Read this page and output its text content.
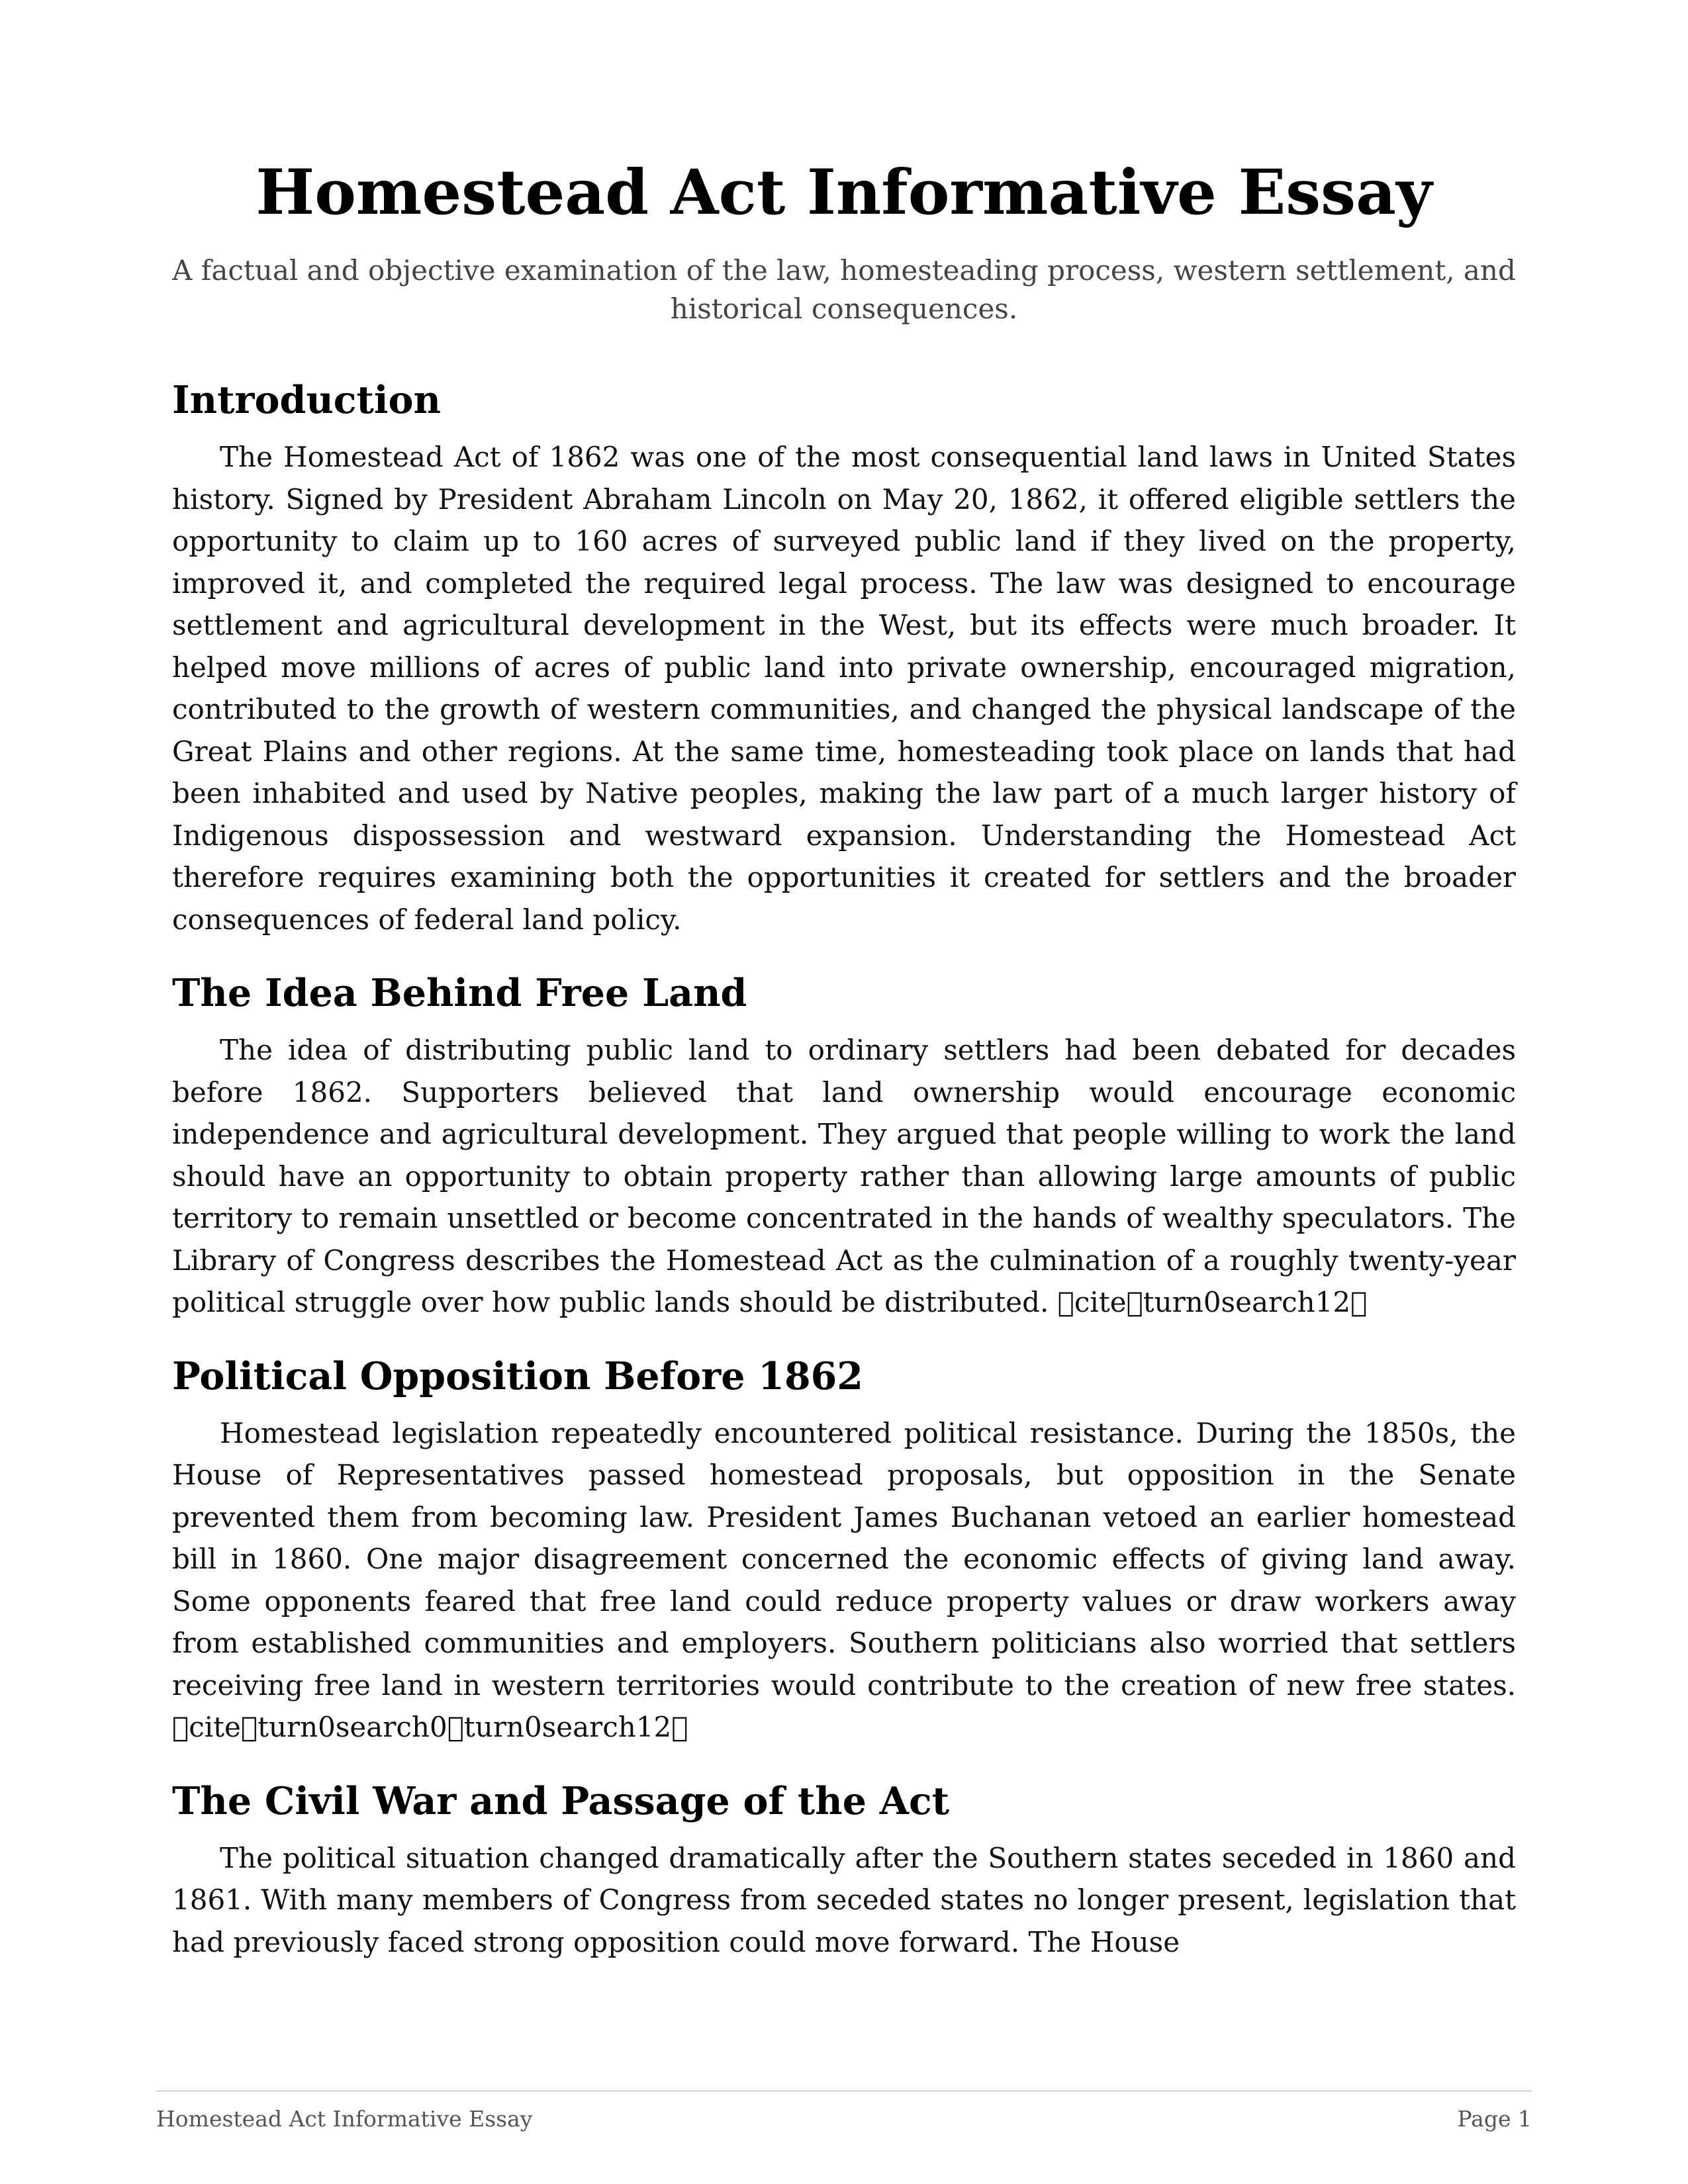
Homestead Act Informative Essay
A factual and objective examination of the law, homesteading process, western settlement, and historical consequences.
Introduction

The Homestead Act of 1862 was one of the most consequential land laws in United States history. Signed by President Abraham Lincoln on May 20, 1862, it offered eligible settlers the opportunity to claim up to 160 acres of surveyed public land if they lived on the property, improved it, and completed the required legal process. The law was designed to encourage settlement and agricultural development in the West, but its effects were much broader. It helped move millions of acres of public land into private ownership, encouraged migration, contributed to the growth of western communities, and changed the physical landscape of the Great Plains and other regions. At the same time, homesteading took place on lands that had been inhabited and used by Native peoples, making the law part of a much larger history of Indigenous dispossession and westward expansion. Understanding the Homestead Act therefore requires examining both the opportunities it created for settlers and the broader consequences of federal land policy.

The Idea Behind Free Land

The idea of distributing public land to ordinary settlers had been debated for decades before 1862. Supporters believed that land ownership would encourage economic independence and agricultural development. They argued that people willing to work the land should have an opportunity to obtain property rather than allowing large amounts of public territory to remain unsettled or become concentrated in the hands of wealthy speculators. The Library of Congress describes the Homestead Act as the culmination of a roughly twenty-year political struggle over how public lands should be distributed. cite turn0search12

Political Opposition Before 1862

Homestead legislation repeatedly encountered political resistance. During the 1850s, the House of Representatives passed homestead proposals, but opposition in the Senate prevented them from becoming law. President James Buchanan vetoed an earlier homestead bill in 1860. One major disagreement concerned the economic effects of giving land away. Some opponents feared that free land could reduce property values or draw workers away from established communities and employers. Southern politicians also worried that settlers receiving free land in western territories would contribute to the creation of new free states. cite turn0search0 turn0search12

The Civil War and Passage of the Act

The political situation changed dramatically after the Southern states seceded in 1860 and 1861. With many members of Congress from seceded states no longer present, legislation that had previously faced strong opposition could move forward. The House

Homestead Act Informative Essay	Page 1
